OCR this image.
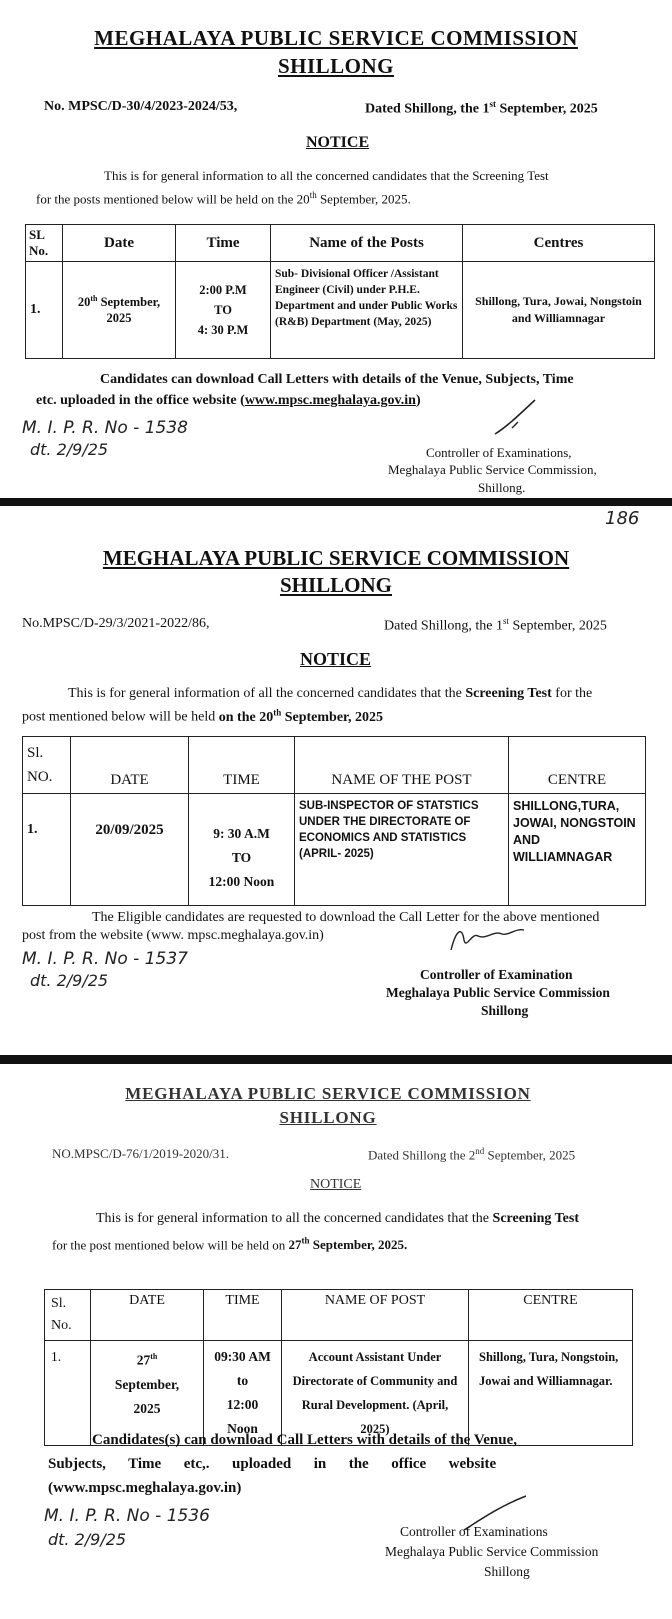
MEGHALAYA PUBLIC SERVICE COMMISSION
SHILLONG
No. MPSC/D-30/4/2023-2024/53,	Dated Shillong, the 1st September, 2025
NOTICE
This is for general information to all the concerned candidates that the Screening Test
for the posts mentioned below will be held on the 20th September, 2025.
SL No.	Date	Time	Name of the Posts	Centres
1.	20th September, 2025	2:00 P.M
TO
4: 30 P.M	Sub- Divisional Officer /Assistant Engineer (Civil) under P.H.E. Department and under Public Works (R&B) Department (May, 2025)	Shillong, Tura, Jowai, Nongstoin and Williamnagar
Candidates can download Call Letters with details of the Venue, Subjects, Time
etc. uploaded in the office website (www.mpsc.meghalaya.gov.in)
M. I. P. R. No - 1538
dt. 2/9/25	Controller of Examinations,
Meghalaya Public Service Commission,
Shillong.
186
MEGHALAYA PUBLIC SERVICE COMMISSION
SHILLONG
No.MPSC/D-29/3/2021-2022/86,	Dated Shillong, the 1st September, 2025
NOTICE
This is for general information of all the concerned candidates that the Screening Test for the
post mentioned below will be held on the 20th September, 2025
Sl. NO.	DATE	TIME	NAME OF THE POST	CENTRE
1.	20/09/2025	9: 30 A.M
TO
12:00 Noon	SUB-INSPECTOR OF STATSTICS UNDER THE DIRECTORATE OF ECONOMICS AND STATISTICS (APRIL- 2025)	SHILLONG,TURA, JOWAI, NONGSTOIN AND WILLIAMNAGAR
The Eligible candidates are requested to download the Call Letter for the above mentioned
post from the website (www. mpsc.meghalaya.gov.in)
M. I. P. R. No - 1537
dt. 2/9/25	Controller of Examination
Meghalaya Public Service Commission
Shillong
MEGHALAYA PUBLIC SERVICE COMMISSION
SHILLONG
NO.MPSC/D-76/1/2019-2020/31.	Dated Shillong the 2nd September, 2025
NOTICE
This is for general information to all the concerned candidates that the Screening Test
for the post mentioned below will be held on 27th September, 2025.
Sl. No.	DATE	TIME	NAME OF POST	CENTRE
1.	27th September, 2025	09:30 AM
to
12:00 Noon	Account Assistant Under Directorate of Community and Rural Development. (April, 2025)	Shillong, Tura, Nongstoin, Jowai and Williamnagar.
Candidates(s) can download Call Letters with details of the Venue,
Subjects,      Time      etc,.      uploaded      in      the      office      website
(www.mpsc.meghalaya.gov.in)
M. I. P. R. No - 1536
dt. 2/9/25	Controller of Examinations
Meghalaya Public Service Commission
Shillong
